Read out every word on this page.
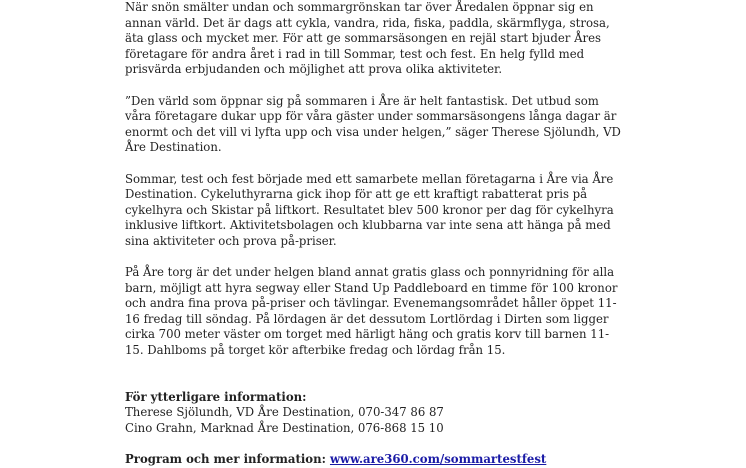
När snön smälter undan och sommargrönskan tar över Åredalen öppnar sig en annan värld. Det är dags att cykla, vandra, rida, fiska, paddla, skärmflyga, strosa, äta glass och mycket mer. För att ge sommarsäsongen en rejäl start bjuder Åres företagare för andra året i rad in till Sommar, test och fest. En helg fylld med prisvärda erbjudanden och möjlighet att prova olika aktiviteter.

”Den värld som öppnar sig på sommaren i Åre är helt fantastisk. Det utbud som våra företagare dukar upp för våra gäster under sommarsäsongens långa dagar är enormt och det vill vi lyfta upp och visa under helgen,” säger Therese Sjölundh, VD Åre Destination.

Sommar, test och fest började med ett samarbete mellan företagarna i Åre via Åre Destination. Cykeluthyrarna gick ihop för att ge ett kraftigt rabatterat pris på cykelhyra och Skistar på liftkort. Resultatet blev 500 kronor per dag för cykelhyra inklusive liftkort. Aktivitetsbolagen och klubbarna var inte sena att hänga på med sina aktiviteter och prova på-priser.

På Åre torg är det under helgen bland annat gratis glass och ponnyridning för alla barn, möjligt att hyra segway eller Stand Up Paddleboard en timme för 100 kronor och andra fina prova på-priser och tävlingar. Evenemangsområdet håller öppet 11-16 fredag till söndag. På lördagen är det dessutom Lortlördag i Dirten som ligger cirka 700 meter väster om torget med härligt häng och gratis korv till barnen 11-15. Dahlboms på torget kör afterbike fredag och lördag från 15.

För ytterligare information:

Therese Sjölundh, VD Åre Destination, 070-347 86 87

Cino Grahn, Marknad Åre Destination, 076-868 15 10

Program och mer information: www.are360.com/sommartestfest
